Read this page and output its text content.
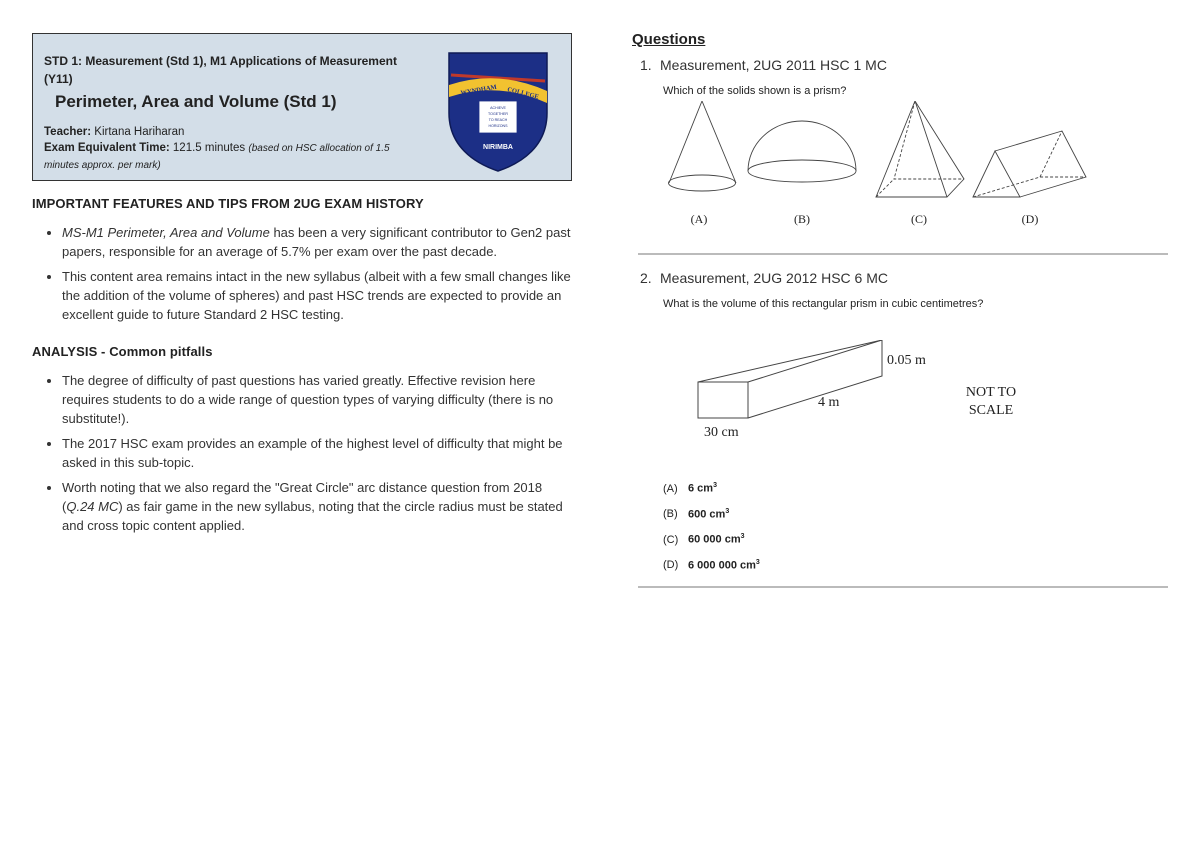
STD 1: Measurement (Std 1), M1 Applications of Measurement (Y11)
Perimeter, Area and Volume (Std 1)
Teacher: Kirtana Hariharan
Exam Equivalent Time: 121.5 minutes (based on HSC allocation of 1.5 minutes approx. per mark)
WYNDHAM COLLEGE
ACHIEVE
TOGETHER
TO REACH
HORIZONS
NIRIMBA
IMPORTANT FEATURES AND TIPS FROM 2UG EXAM HISTORY
• MS-M1 Perimeter, Area and Volume has been a very significant contributor to Gen2 past papers, responsible for an average of 5.7% per exam over the past decade.
• This content area remains intact in the new syllabus (albeit with a few small changes like the addition of the volume of spheres) and past HSC trends are expected to provide an excellent guide to future Standard 2 HSC testing.
ANALYSIS - Common pitfalls
• The degree of difficulty of past questions has varied greatly. Effective revision here requires students to do a wide range of question types of varying difficulty (there is no substitute!).
• The 2017 HSC exam provides an example of the highest level of difficulty that might be asked in this sub-topic.
• Worth noting that we also regard the "Great Circle" arc distance question from 2018 (Q.24 MC) as fair game in the new syllabus, noting that the circle radius must be stated and cross topic content applied.
Questions
1. Measurement, 2UG 2011 HSC 1 MC
Which of the solids shown is a prism?
(A)	(B)	(C)	(D)
2. Measurement, 2UG 2012 HSC 6 MC
What is the volume of this rectangular prism in cubic centimetres?
0.05 m
4 m
30 cm
NOT TO
SCALE
(A) 6 $cm^3$
(B) 600 $cm^3$
(C) 60 000 $cm^3$
(D) 6 000 000 $cm^3$
